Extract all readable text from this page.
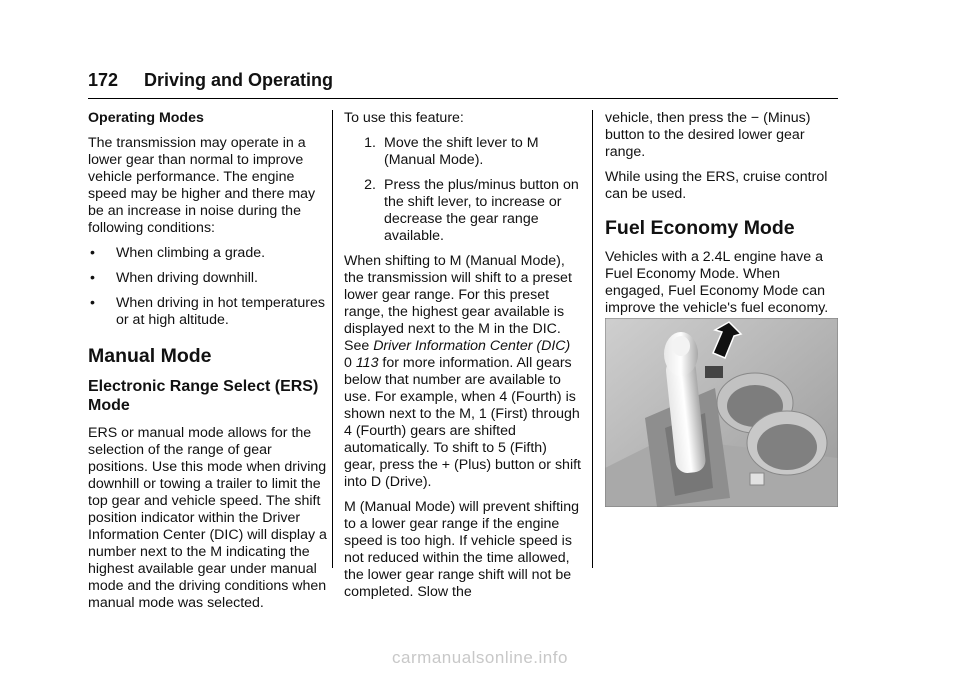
172 Driving and Operating
Operating Modes

The transmission may operate in a lower gear than normal to improve vehicle performance. The engine speed may be higher and there may be an increase in noise during the following conditions:

•	When climbing a grade.
•	When driving downhill.
•	When driving in hot temperatures or at high altitude.
Manual Mode
Electronic Range Select (ERS) Mode

ERS or manual mode allows for the selection of the range of gear positions. Use this mode when driving downhill or towing a trailer to limit the top gear and vehicle speed. The shift position indicator within the Driver Information Center (DIC) will display a number next to the M indicating the highest available gear under manual mode and the driving conditions when manual mode was selected.

To use this feature:

1. Move the shift lever to M (Manual Mode).
2. Press the plus/minus button on the shift lever, to increase or decrease the gear range available.

When shifting to M (Manual Mode), the transmission will shift to a preset lower gear range. For this preset range, the highest gear available is displayed next to the M in the DIC. See Driver Information Center (DIC)
0 113 for more information. All gears below that number are available to use. For example, when 4 (Fourth) is shown next to the M, 1 (First) through 4 (Fourth) gears are shifted automatically. To shift to 5 (Fifth) gear, press the + (Plus) button or shift into D (Drive).

M (Manual Mode) will prevent shifting to a lower gear range if the engine speed is too high. If vehicle speed is not reduced within the time allowed, the lower gear range shift will not be completed. Slow the

vehicle, then press the − (Minus) button to the desired lower gear range.

While using the ERS, cruise control can be used.

Fuel Economy Mode

Vehicles with a 2.4L engine have a Fuel Economy Mode. When engaged, Fuel Economy Mode can improve the vehicle's fuel economy.

carmanualsonline.info
